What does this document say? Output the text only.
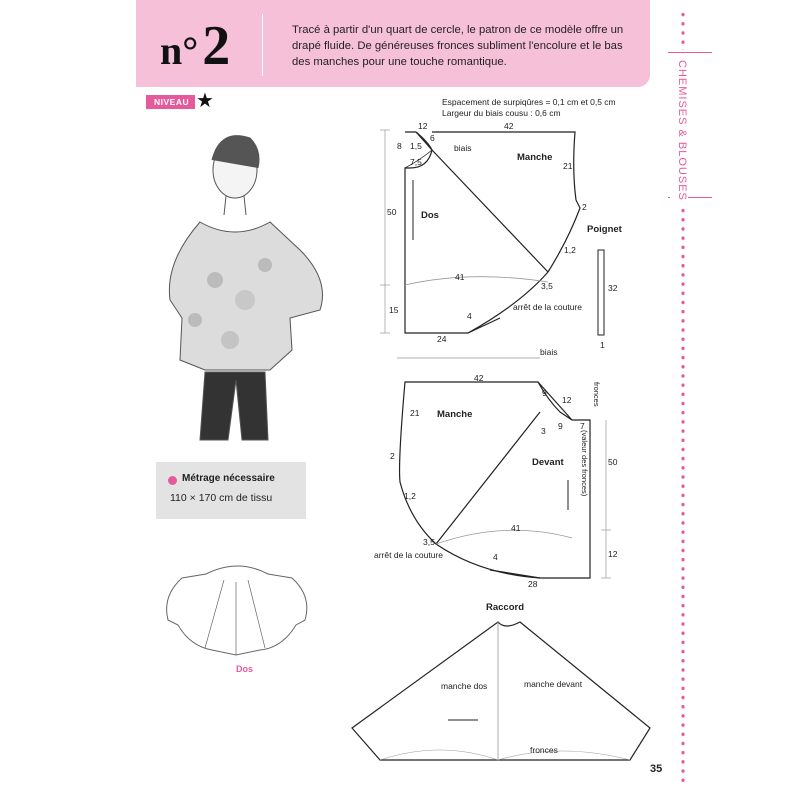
n° 2	Tracé à partir d'un quart de cercle, le patron de ce modèle offre un drapé fluide. De généreuses fronces subliment l'encolure et le bas des manches pour une touche romantique.
NIVEAU ★	CHEMISES & BLOUSES
Espacement de surpiqûres = 0,1 cm et 0,5 cm
Largeur du biais cousu : 0,6 cm
12	42
8 1,5
6
7,5
biais
Manche
21
50	Dos
2
1,2
41
3,5
arrêt de la couture
15
4
24
Poignet
32
1
biais
42
9
12	fronces
Manche
21
3 9 7
(valeur des fronces)
2
Devant	50
1,2
41
3,5
arrêt de la couture	4	12
28
Raccord
manche dos	manche devant
fronces
Dos
Métrage nécessaire
110 × 170 cm de tissu
35
